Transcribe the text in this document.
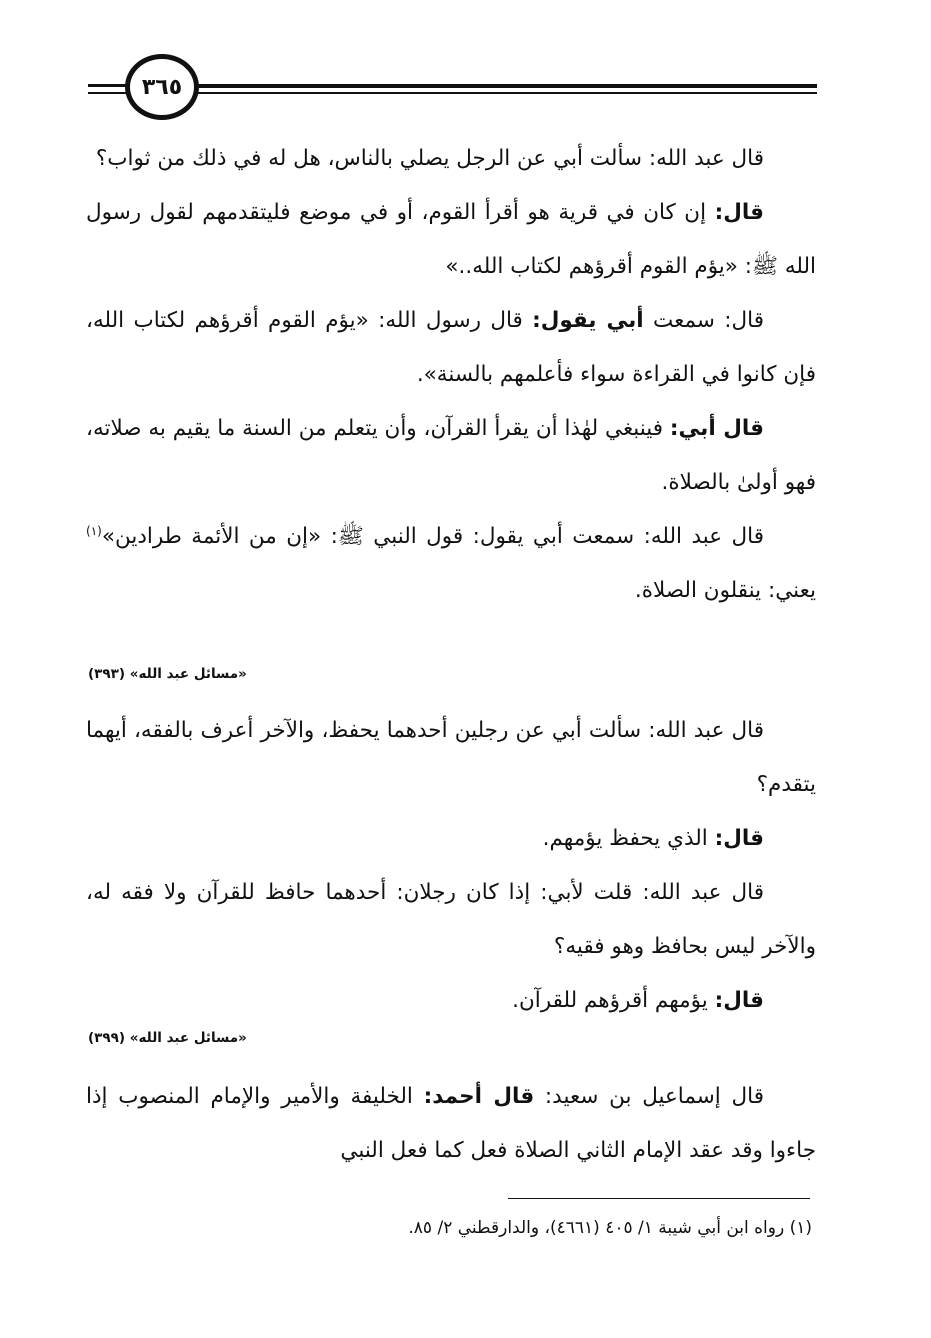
٣٦٥

قال عبد الله: سألت أبي عن الرجل يصلي بالناس، هل له في ذلك من ثواب؟

قال: إن كان في قرية هو أقرأ القوم، أو في موضع فليتقدمهم لقول رسول الله ﷺ: «يؤم القوم أقرؤهم لكتاب الله..»

قال: سمعت أبي يقول: قال رسول الله: «يؤم القوم أقرؤهم لكتاب الله، فإن كانوا في القراءة سواء فأعلمهم بالسنة».

قال أبي: فينبغي لهٰذا أن يقرأ القرآن، وأن يتعلم من السنة ما يقيم به صلاته، فهو أولىٰ بالصلاة.

قال عبد الله: سمعت أبي يقول: قول النبي ﷺ: «إن من الأئمة طرادين»$^{(١)}$ يعني: ينقلون الصلاة.

«مسائل عبد الله» (٣٩٣)

قال عبد الله: سألت أبي عن رجلين أحدهما يحفظ، والآخر أعرف بالفقه، أيهما يتقدم؟

قال: الذي يحفظ يؤمهم.

قال عبد الله: قلت لأبي: إذا كان رجلان: أحدهما حافظ للقرآن ولا فقه له، والآخر ليس بحافظ وهو فقيه؟

قال: يؤمهم أقرؤهم للقرآن.

«مسائل عبد الله» (٣٩٩)

قال إسماعيل بن سعيد: قال أحمد: الخليفة والأمير والإمام المنصوب إذا جاءوا وقد عقد الإمام الثاني الصلاة فعل كما فعل النبي

(١) رواه ابن أبي شيبة ١/ ٤٠٥ (٤٦٦١)، والدارقطني ٢/ ٨٥.
